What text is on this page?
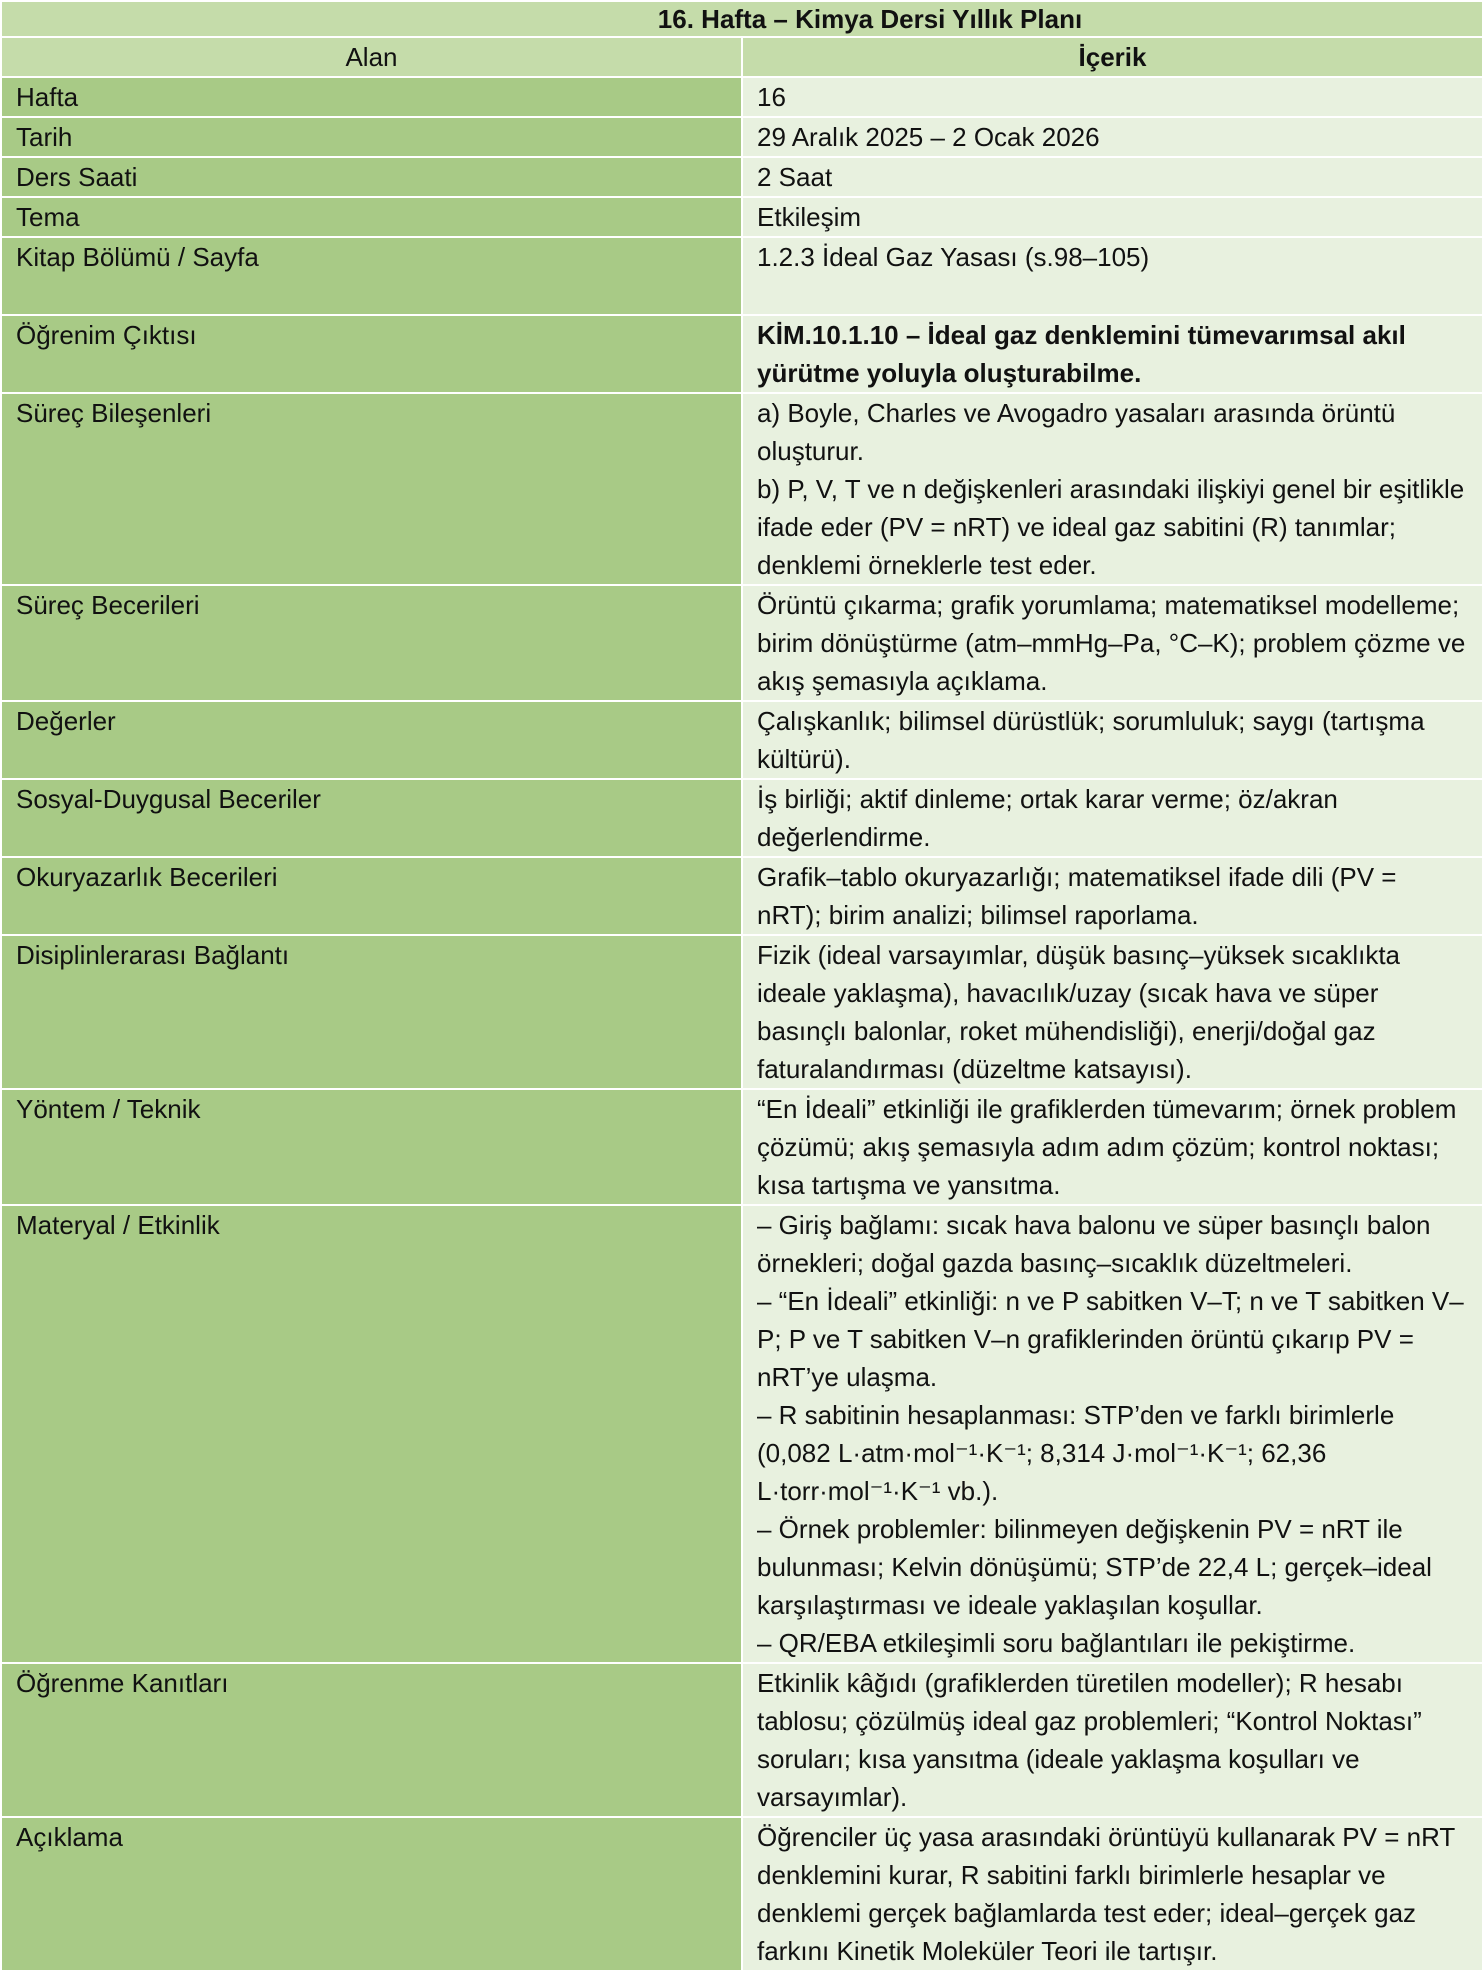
16. Hafta – Kimya Dersi Yıllık Planı	
Alan	İçerik
Hafta	16
Tarih	29 Aralık 2025 – 2 Ocak 2026
Ders Saati	2 Saat
Tema	Etkileşim
Kitap Bölümü / Sayfa	1.2.3 İdeal Gaz Yasası (s.98–105)
Öğrenim Çıktısı	KİM.10.1.10 – İdeal gaz denklemini tümevarımsal akıl yürütme yoluyla oluşturabilme.
Süreç Bileşenleri	a) Boyle, Charles ve Avogadro yasaları arasında örüntü oluşturur.
b) P, V, T ve n değişkenleri arasındaki ilişkiyi genel bir eşitlikle ifade eder (PV = nRT) ve ideal gaz sabitini (R) tanımlar; denklemi örneklerle test eder.

Süreç Becerileri	Örüntü çıkarma; grafik yorumlama; matematiksel modelleme; birim dönüştürme (atm–mmHg–Pa, °C–K); problem çözme ve akış şemasıyla açıklama.
Değerler	Çalışkanlık; bilimsel dürüstlük; sorumluluk; saygı (tartışma kültürü).
Sosyal-Duygusal Beceriler	İş birliği; aktif dinleme; ortak karar verme; öz/akran değerlendirme.
Okuryazarlık Becerileri	Grafik–tablo okuryazarlığı; matematiksel ifade dili (PV = nRT); birim analizi; bilimsel raporlama.
Disiplinlerarası Bağlantı	Fizik (ideal varsayımlar, düşük basınç–yüksek sıcaklıkta ideale yaklaşma), havacılık/uzay (sıcak hava ve süper basınçlı balonlar, roket mühendisliği), enerji/doğal gaz faturalandırması (düzeltme katsayısı).
Yöntem / Teknik	“En İdeali” etkinliği ile grafiklerden tümevarım; örnek problem çözümü; akış şemasıyla adım adım çözüm; kontrol noktası; kısa tartışma ve yansıtma.
Materyal / Etkinlik	– Giriş bağlamı: sıcak hava balonu ve süper basınçlı balon örnekleri; doğal gazda basınç–sıcaklık düzeltmeleri.
– “En İdeali” etkinliği: n ve P sabitken V–T; n ve T sabitken V–P; P ve T sabitken V–n grafiklerinden örüntü çıkarıp PV = nRT’ye ulaşma.
– R sabitinin hesaplanması: STP’den ve farklı birimlerle (0,082 L·atm·mol⁻¹·K⁻¹; 8,314 J·mol⁻¹·K⁻¹; 62,36 L·torr·mol⁻¹·K⁻¹ vb.).
– Örnek problemler: bilinmeyen değişkenin PV = nRT ile bulunması; Kelvin dönüşümü; STP’de 22,4 L; gerçek–ideal karşılaştırması ve ideale yaklaşılan koşullar.
– QR/EBA etkileşimli soru bağlantıları ile pekiştirme.

Öğrenme Kanıtları	Etkinlik kâğıdı (grafiklerden türetilen modeller); R hesabı tablosu; çözülmüş ideal gaz problemleri; “Kontrol Noktası” soruları; kısa yansıtma (ideale yaklaşma koşulları ve varsayımlar).
Açıklama	Öğrenciler üç yasa arasındaki örüntüyü kullanarak PV = nRT denklemini kurar, R sabitini farklı birimlerle hesaplar ve denklemi gerçek bağlamlarda test eder; ideal–gerçek gaz farkını Kinetik Moleküler Teori ile tartışır.
